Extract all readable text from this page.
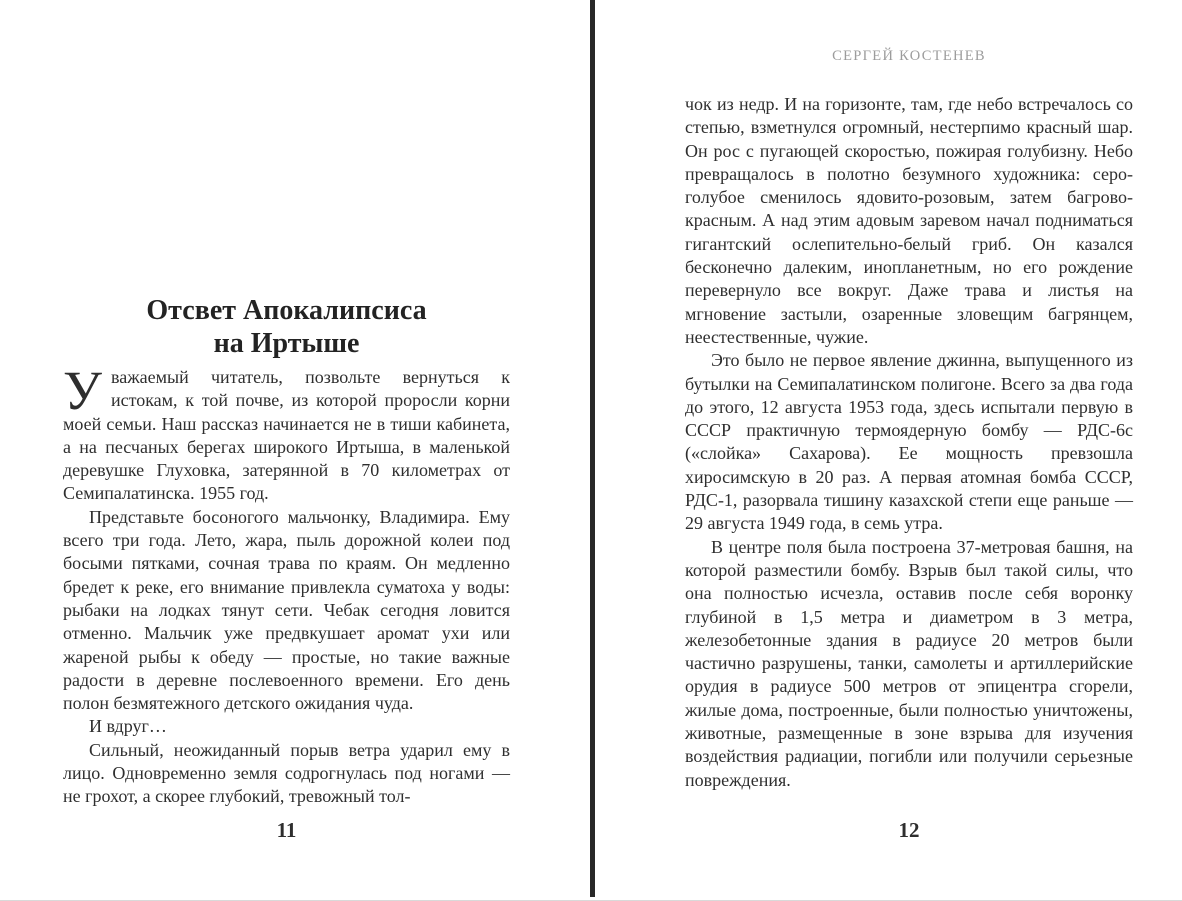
Отсвет Апокалипсиса
на Иртыше

Уважаемый читатель, позвольте вернуться к истокам, к той почве, из которой проросли корни моей семьи. Наш рассказ начинается не в тиши кабинета, а на песчаных берегах широкого Иртыша, в маленькой деревушке Глуховка, затерянной в 70 километрах от Семипалатинска. 1955 год.

Представьте босоногого мальчонку, Владимира. Ему всего три года. Лето, жара, пыль дорожной колеи под босыми пятками, сочная трава по краям. Он медленно бредет к реке, его внимание привлекла суматоха у воды: рыбаки на лодках тянут сети. Чебак сегодня ловится отменно. Мальчик уже предвкушает аромат ухи или жареной рыбы к обеду — простые, но такие важные радости в деревне послевоенного времени. Его день полон безмятежного детского ожидания чуда.

И вдруг…

Сильный, неожиданный порыв ветра ударил ему в лицо. Одновременно земля содрогнулась под ногами — не грохот, а скорее глубокий, тревожный тол-

11
СЕРГЕЙ КОСТЕНЕВ

чок из недр. И на горизонте, там, где небо встречалось со степью, взметнулся огромный, нестерпимо красный шар. Он рос с пугающей скоростью, пожирая голубизну. Небо превращалось в полотно безумного художника: серо-голубое сменилось ядовито-розовым, затем багрово-красным. А над этим адовым заревом начал подниматься гигантский ослепительно-белый гриб. Он казался бесконечно далеким, инопланетным, но его рождение перевернуло все вокруг. Даже трава и листья на мгновение застыли, озаренные зловещим багрянцем, неестественные, чужие.

Это было не первое явление джинна, выпущенного из бутылки на Семипалатинском полигоне. Всего за два года до этого, 12 августа 1953 года, здесь испытали первую в СССР практичную термоядерную бомбу — РДС-6с («слойка» Сахарова). Ее мощность превзошла хиросимскую в 20 раз. А первая атомная бомба СССР, РДС-1, разорвала тишину казахской степи еще раньше — 29 августа 1949 года, в семь утра.

В центре поля была построена 37-метровая башня, на которой разместили бомбу. Взрыв был такой силы, что она полностью исчезла, оставив после себя воронку глубиной в 1,5 метра и диаметром в 3 метра, железобетонные здания в радиусе 20 метров были частично разрушены, танки, самолеты и артиллерийские орудия в радиусе 500 метров от эпицентра сгорели, жилые дома, построенные, были полностью уничтожены, животные, размещенные в зоне взрыва для изучения воздействия радиации, погибли или получили серьезные повреждения.

12
